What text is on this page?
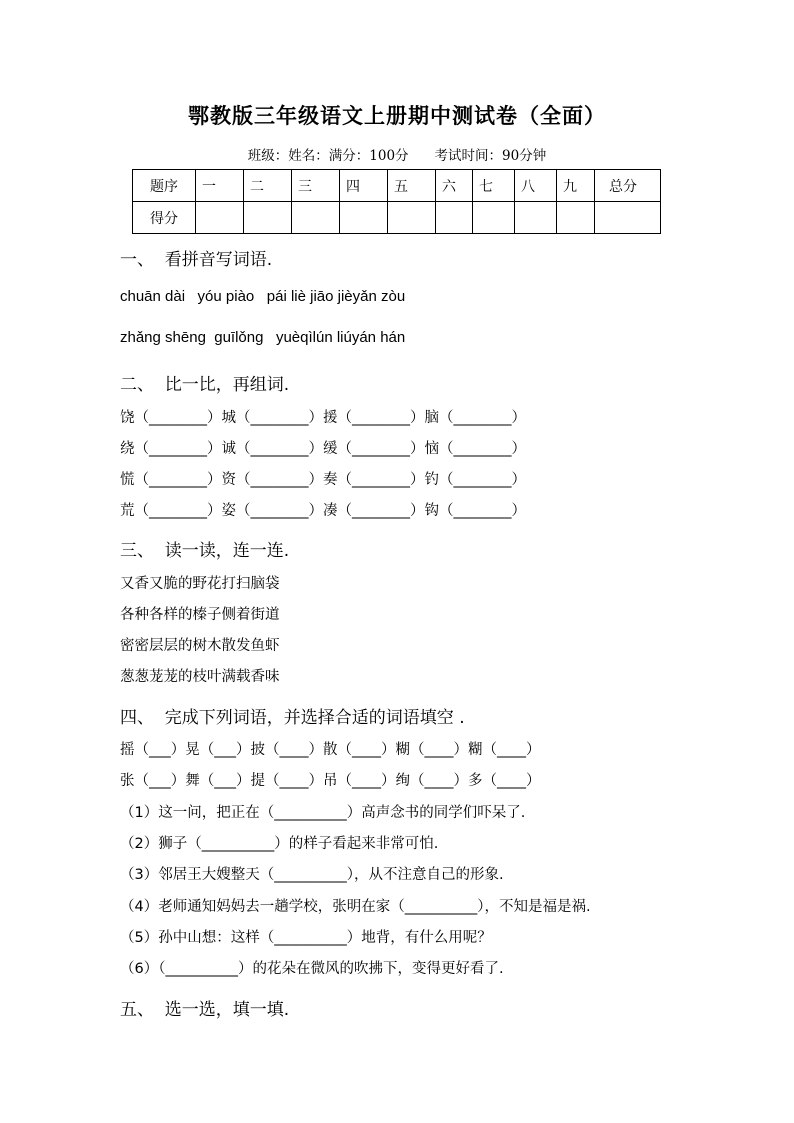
鄂教版三年级语文上册期中测试卷（全面）
班级：姓名：满分：100分 考试时间：90分钟
题序	一	二	三	四	五	六	七	八	九	总分
得分										
一、  看拼音写词语.
chuān dài   yóu piào   pái liè jiāo jièyǎn zòu
zhǎng shēng  guīlǒng   yuèqìlún liúyán hán
二、  比一比，再组词.
饶（________）城（________）援（________）脑（________）
绕（________）诚（________）缓（________）恼（________）
慌（________）资（________）奏（________）钓（________）
荒（________）姿（________）凑（________）钩（________）
三、  读一读，连一连.
又香又脆的野花打扫脑袋
各种各样的榛子侧着街道
密密层层的树木散发鱼虾
葱葱茏茏的枝叶满载香味
四、  完成下列词语，并选择合适的词语填空 .
摇（___）晃（___）披（____）散（____）糊（____）糊（____）
张（___）舞（___）提（____）吊（____）绚（____）多（____）
（1）这一问，把正在（__________）高声念书的同学们吓呆了.
（2）狮子（__________）的样子看起来非常可怕.
（3）邻居王大嫂整天（__________），从不注意自己的形象.
（4）老师通知妈妈去一趟学校，张明在家（__________），不知是福是祸.
（5）孙中山想：这样（__________）地背，有什么用呢？
（6）（__________）的花朵在微风的吹拂下，变得更好看了.
五、  选一选，填一填.
